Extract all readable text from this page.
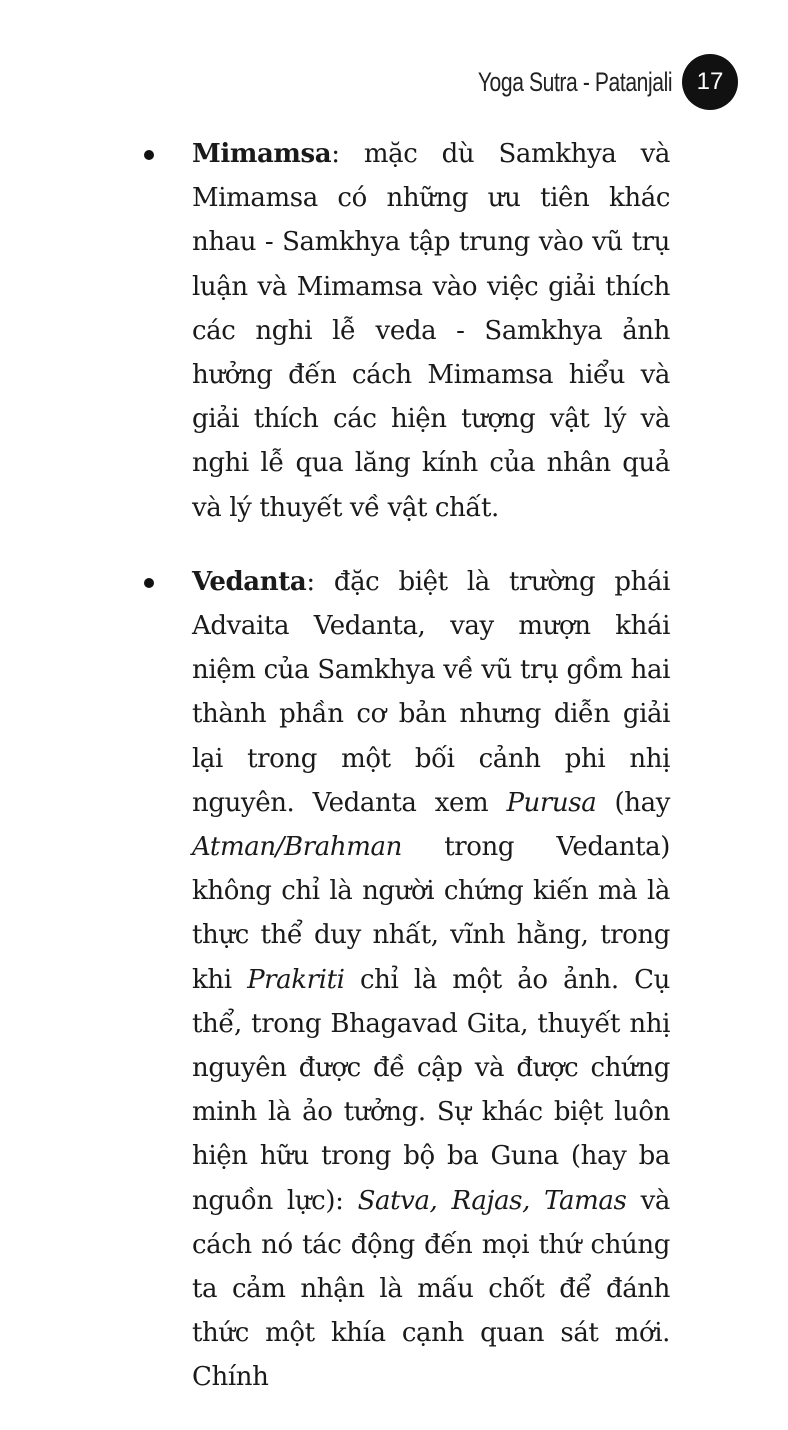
Yoga Sutra - Patanjali	17
Mimamsa: mặc dù Samkhya và Mimamsa có những ưu tiên khác nhau - Samkhya tập trung vào vũ trụ luận và Mimamsa vào việc giải thích các nghi lễ veda - Samkhya ảnh hưởng đến cách Mimamsa hiểu và giải thích các hiện tượng vật lý và nghi lễ qua lăng kính của nhân quả và lý thuyết về vật chất.
Vedanta: đặc biệt là trường phái Advaita Vedanta, vay mượn khái niệm của Samkhya về vũ trụ gồm hai thành phần cơ bản nhưng diễn giải lại trong một bối cảnh phi nhị nguyên. Vedanta xem Purusa (hay Atman/Brahman trong Vedanta) không chỉ là người chứng kiến mà là thực thể duy nhất, vĩnh hằng, trong khi Prakriti chỉ là một ảo ảnh. Cụ thể, trong Bhagavad Gita, thuyết nhị nguyên được đề cập và được chứng minh là ảo tưởng. Sự khác biệt luôn hiện hữu trong bộ ba Guna (hay ba nguồn lực): Satva, Rajas, Tamas và cách nó tác động đến mọi thứ chúng ta cảm nhận là mấu chốt để đánh thức một khía cạnh quan sát mới. Chính
